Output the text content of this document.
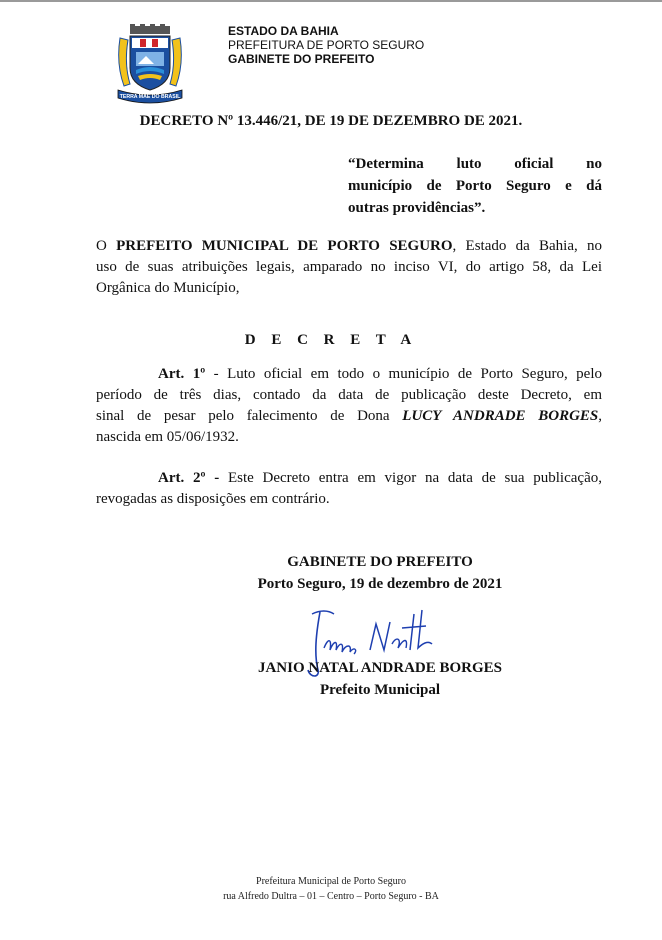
TERRA MÃE DO BRASIL
ESTADO DA BAHIA
PREFEITURA DE PORTO SEGURO
GABINETE DO PREFEITO
DECRETO Nº 13.446/21, DE 19 DE DEZEMBRO DE 2021.
“Determina luto oficial no
município de Porto Seguro e dá
outras providências”.
O PREFEITO MUNICIPAL DE PORTO SEGURO, Estado da Bahia, no
uso de suas atribuições legais, amparado no inciso VI, do artigo 58, da Lei
Orgânica do Município,
D E C R E T A
Art. 1º - Luto oficial em todo o município de Porto Seguro, pelo
período de três dias, contado da data de publicação deste Decreto, em
sinal de pesar pelo falecimento de Dona LUCY ANDRADE BORGES,
nascida em 05/06/1932.
Art. 2º - Este Decreto entra em vigor na data de sua publicação,
revogadas as disposições em contrário.
GABINETE DO PREFEITO
Porto Seguro, 19 de dezembro de 2021
JANIO NATAL ANDRADE BORGES
Prefeito Municipal
Prefeitura Municipal de Porto Seguro
rua Alfredo Dultra – 01 – Centro – Porto Seguro - BA
